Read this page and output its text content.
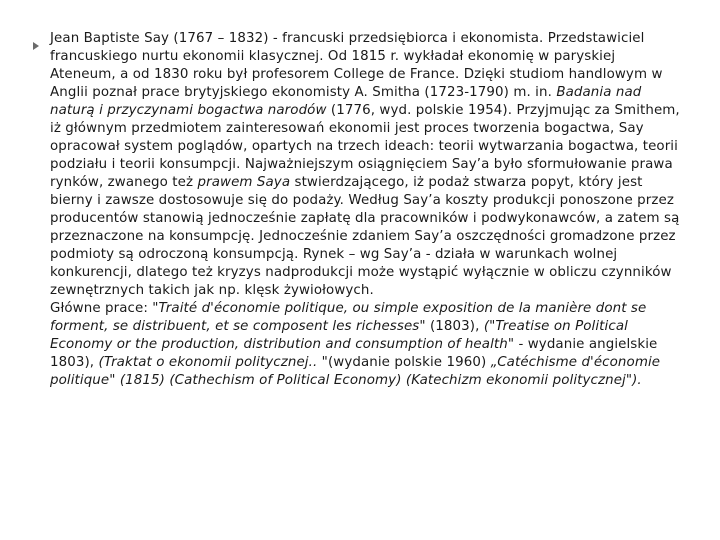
Jean Baptiste Say (1767 – 1832) - francuski przedsiębiorca i ekonomista. Przedstawiciel francuskiego nurtu ekonomii klasycznej. Od 1815 r. wykładał ekonomię w paryskiej Ateneum, a od 1830 roku był profesorem College de France. Dzięki studiom handlowym w Anglii poznał prace brytyjskiego ekonomisty A. Smitha (1723-1790) m. in. Badania nad naturą i przyczynami bogactwa narodów (1776, wyd. polskie 1954). Przyjmując za Smithem, iż głównym przedmiotem zainteresowań ekonomii jest proces tworzenia bogactwa, Say opracował system poglądów, opartych na trzech ideach: teorii wytwarzania bogactwa, teorii podziału i teorii konsumpcji. Najważniejszym osiągnięciem Say’a było sformułowanie prawa rynków, zwanego też prawem Saya stwierdzającego, iż podaż stwarza popyt, który jest bierny i zawsze dostosowuje się do podaży. Według Say’a koszty produkcji ponoszone przez producentów stanowią jednocześnie zapłatę dla pracowników i podwykonawców, a zatem są przeznaczone na konsumpcję. Jednocześnie zdaniem Say’a oszczędności gromadzone przez podmioty są odroczoną konsumpcją. Rynek – wg Say’a - działa w warunkach wolnej konkurencji, dlatego też kryzys nadprodukcji może wystąpić wyłącznie w obliczu czynników zewnętrznych takich jak np. klęsk żywiołowych.

Główne prace: "Traité d'économie politique, ou simple exposition de la manière dont se forment, se distribuent, et se composent les richesses" (1803), ("Treatise on Political Economy or the production, distribution and consumption of health" - wydanie angielskie 1803), (Traktat o ekonomii politycznej.. "(wydanie polskie 1960) „Catéchisme d'économie politique" (1815) (Cathechism of Political Economy) (Katechizm ekonomii politycznej").
